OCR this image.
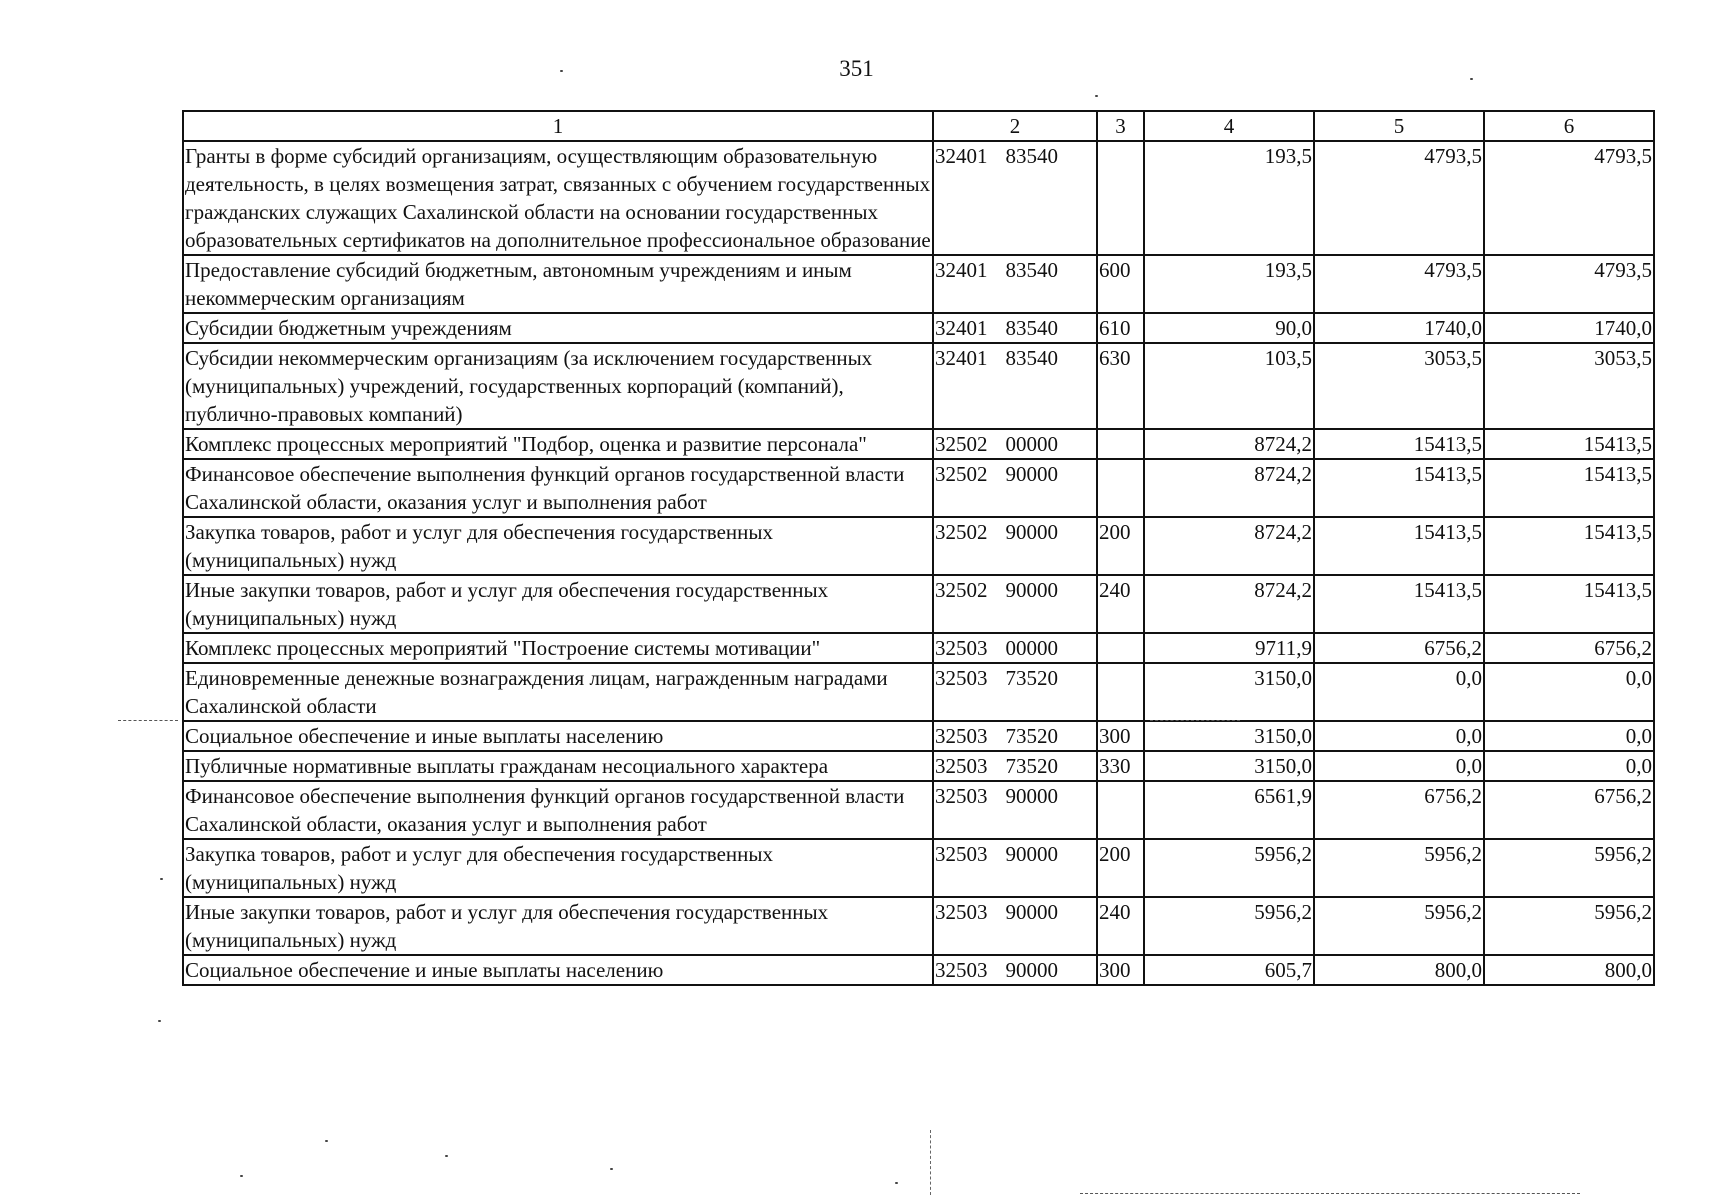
351
1	2	3	4	5	6
Гранты в форме субсидий организациям, осуществляющим образовательную деятельность, в целях возмещения затрат, связанных с обучением государственных гражданских служащих Сахалинской области на основании государственных образовательных сертификатов на дополнительное профессиональное образование	32401 83540		193,5	4793,5	4793,5
Предоставление субсидий бюджетным, автономным учреждениям и иным некоммерческим организациям	32401 83540	600	193,5	4793,5	4793,5
Субсидии бюджетным учреждениям	32401 83540	610	90,0	1740,0	1740,0
Субсидии некоммерческим организациям (за исключением государственных (муниципальных) учреждений, государственных корпораций (компаний), публично-правовых компаний)	32401 83540	630	103,5	3053,5	3053,5
Комплекс процессных мероприятий "Подбор, оценка и развитие персонала"	32502 00000		8724,2	15413,5	15413,5
Финансовое обеспечение выполнения функций органов государственной власти Сахалинской области, оказания услуг и выполнения работ	32502 90000		8724,2	15413,5	15413,5
Закупка товаров, работ и услуг для обеспечения государственных (муниципальных) нужд	32502 90000	200	8724,2	15413,5	15413,5
Иные закупки товаров, работ и услуг для обеспечения государственных (муниципальных) нужд	32502 90000	240	8724,2	15413,5	15413,5
Комплекс процессных мероприятий "Построение системы мотивации"	32503 00000		9711,9	6756,2	6756,2
Единовременные денежные вознаграждения лицам, награжденным наградами Сахалинской области	32503 73520		3150,0	0,0	0,0
Социальное обеспечение и иные выплаты населению	32503 73520	300	3150,0	0,0	0,0
Публичные нормативные выплаты гражданам несоциального характера	32503 73520	330	3150,0	0,0	0,0
Финансовое обеспечение выполнения функций органов государственной власти Сахалинской области, оказания услуг и выполнения работ	32503 90000		6561,9	6756,2	6756,2
Закупка товаров, работ и услуг для обеспечения государственных (муниципальных) нужд	32503 90000	200	5956,2	5956,2	5956,2
Иные закупки товаров, работ и услуг для обеспечения государственных (муниципальных) нужд	32503 90000	240	5956,2	5956,2	5956,2
Социальное обеспечение и иные выплаты населению	32503 90000	300	605,7	800,0	800,0
